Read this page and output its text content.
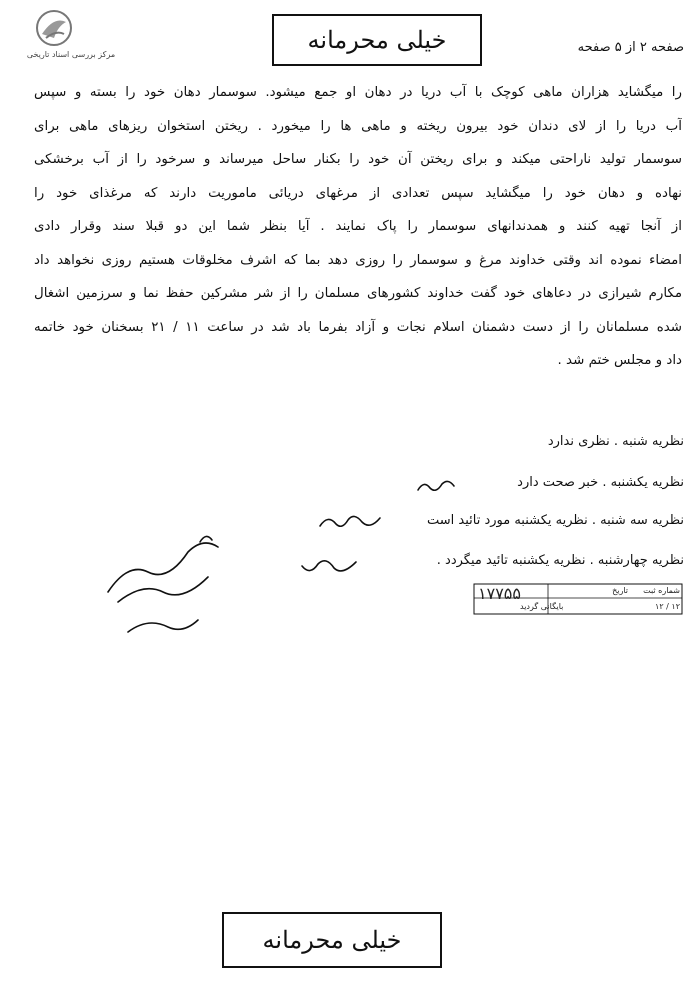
مرکز بررسی اسناد تاریخی
خیلی محرمانه	صفحه ۲ از ۵ صفحه
را میگشاید هزاران ماهی کوچک با آب دریا در دهان او جمع میشود. سوسمار دهان خود را بسته و سپس
آب دریا را از لای دندان خود بیرون ریخته و ماهی ها را میخورد . ریختن استخوان ریزهای ماهی برای
سوسمار تولید ناراحتی میکند و برای ریختن آن خود را بکنار ساحل میرساند و سرخود را از آب برخشکی
نهاده و دهان خود را میگشاید سپس تعدادی از مرغهای دریائی ماموریت دارند که مرغذای خود را
از آنجا تهیه کنند و همدندانهای سوسمار را پاک نمایند . آیا بنظر شما این دو قبلا سند وقرار دادی
امضاء نموده اند وقتی خداوند مرغ و سوسمار را روزی دهد بما که اشرف مخلوقات هستیم روزی نخواهد داد
مکارم شیرازی در دعاهای خود گفت خداوند کشورهای مسلمان را از شر مشرکین حفظ نما و سرزمین اشغال
شده مسلمانان را از دست دشمنان اسلام نجات و آزاد بفرما باد شد در ساعت ۱۱ / ۲۱ بسخنان خود خاتمه
داد و مجلس ختم شد .
نظریه شنبه . نظری ندارد
نظریه یکشنبه . خبر صحت دارد
نظریه سه شنبه . نظریه یکشنبه مورد تائید است
نظریه چهارشنبه . نظریه یکشنبه تائید میگردد .
شماره ثبت
تاریخ
۱۷۷۵۵
بایگانی گردید	۱۲ / ۱۲
خیلی محرمانه
